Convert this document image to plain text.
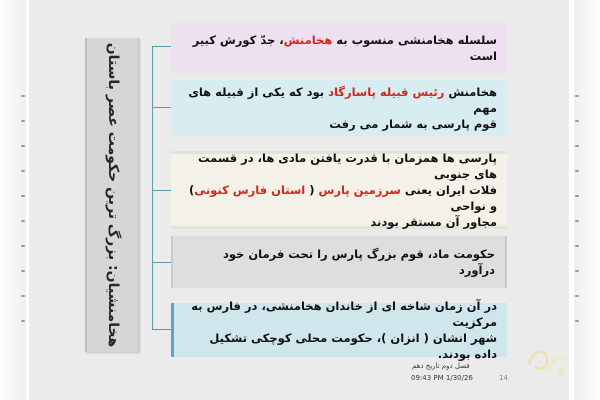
هخامنشیان: بزرگ ترین حکومت عصر باستان
سلسله هخامنشی منسوب به هخامنش، جدّ کورش کبیر است
هخامنش رئیس قبیله پاسارگاد بود که یکی از قبیله های مهم
قوم پارسی به شمار می رفت
پارسی ها همزمان با قدرت یافتن مادی ها، در قسمت های جنوبی
فلات ایران یعنی سرزمین پارس ( استان فارس کنونی) و نواحی
مجاور آن مستقر بودند
حکومت ماد، قوم بزرگ پارس را تحت فرمان خود درآورد
در آن زمان شاخه ای از خاندان هخامنشی، در فارس به مرکزیت
شهر انشان ( انزان )، حکومت محلی کوچکی تشکیل داده بودند.
فصل دوم تاریخ دهم
09:43 PM 1/30/26	14
